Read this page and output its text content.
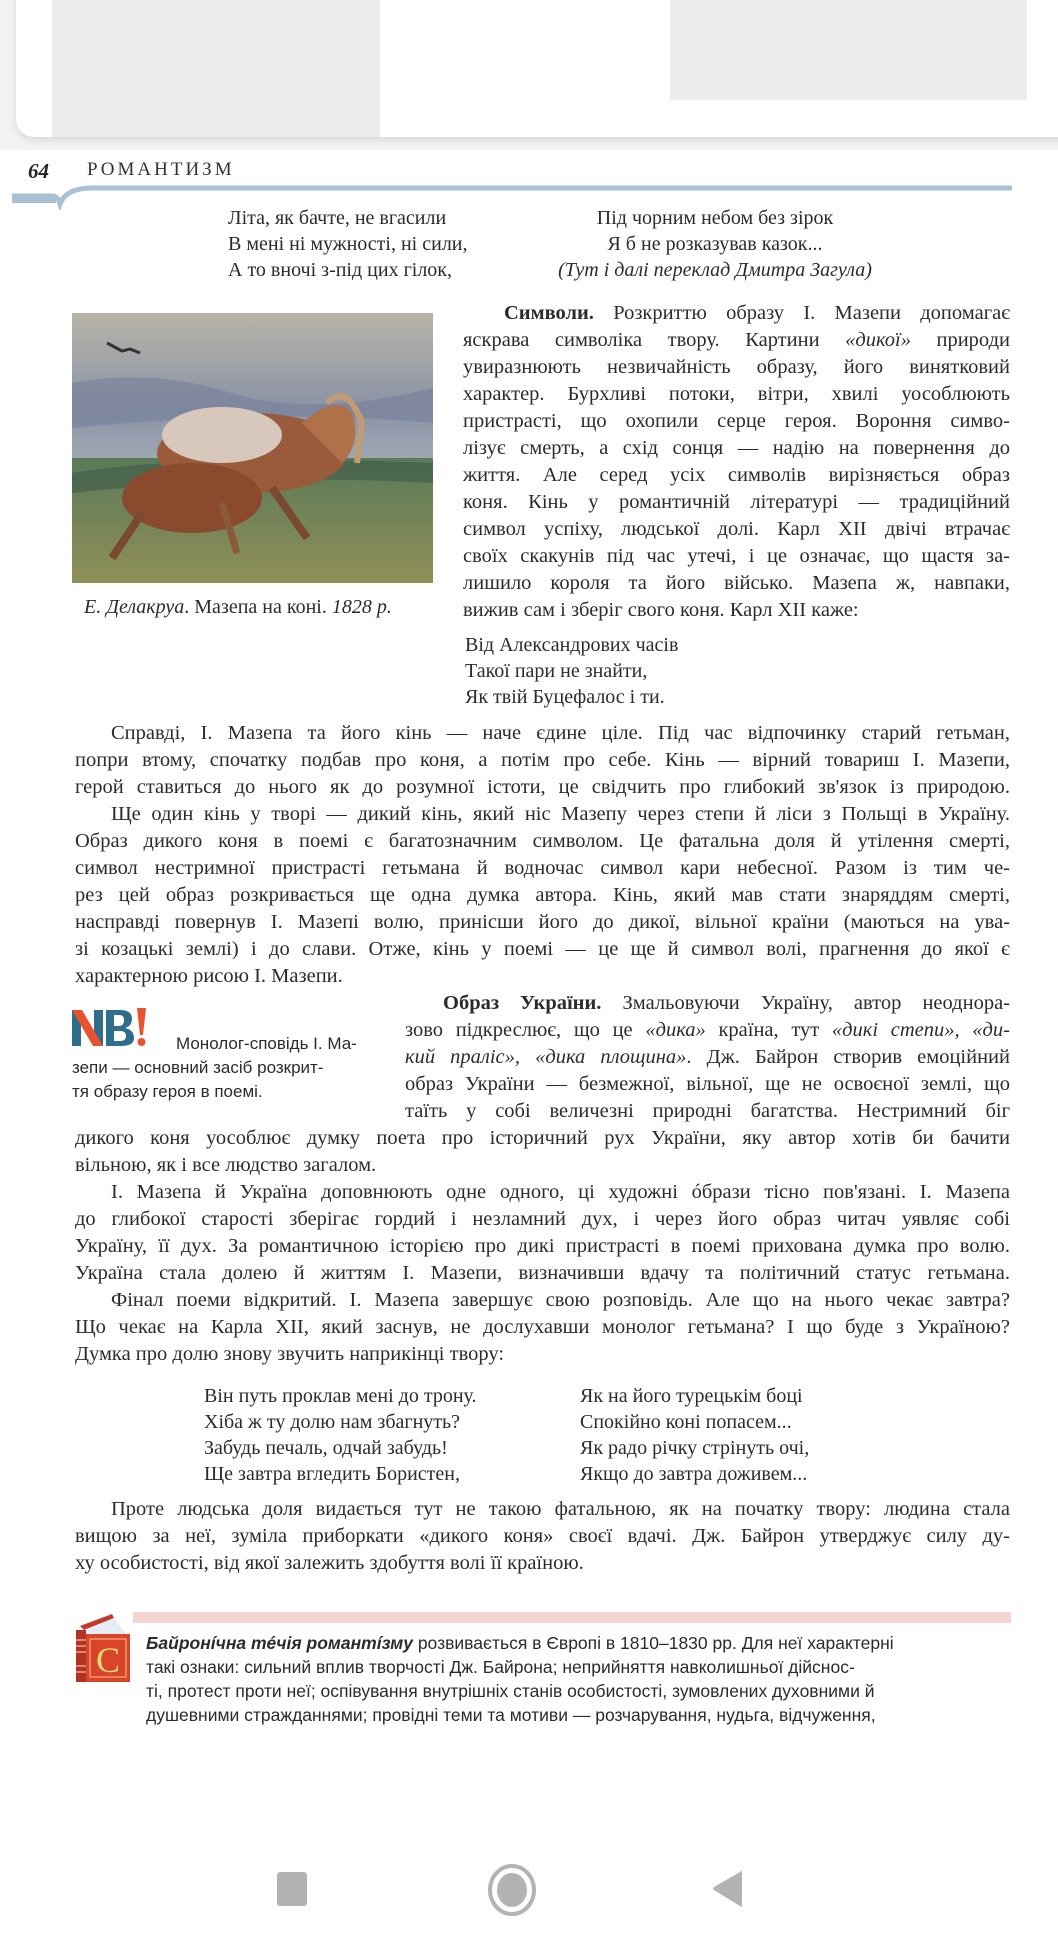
64 РОМАНТИЗМ
Літа, як бачте, не вгасили
В мені ні мужності, ні сили,
А то вночі з-під цих гілок,
Під чорним небом без зірок
Я б не розказував казок...
(Тут і далі переклад Дмитра Загула)
Е. Делакруа. Мазепа на коні. 1828 р.
Символи. Розкриттю образу І. Мазепи допомагає
яскрава символіка твору. Картини «дикої» природи
увиразнюють незвичайність образу, його винятковий
характер. Бурхливі потоки, вітри, хвилі уособлюють
пристрасті, що охопили серце героя. Вороння симво-
лізує смерть, а схід сонця — надію на повернення до
життя. Але серед усіх символів вирізняється образ
коня. Кінь у романтичній літературі — традиційний
символ успіху, людської долі. Карл XII двічі втрачає
своїх скакунів під час утечі, і це означає, що щастя за-
лишило короля та його військо. Мазепа ж, навпаки,
вижив сам і зберіг свого коня. Карл XII каже:
Від Александрових часів
Такої пари не знайти,
Як твій Буцефалос і ти.
Справді, І. Мазепа та його кінь — наче єдине ціле. Під час відпочинку старий гетьман,
попри втому, спочатку подбав про коня, а потім про себе. Кінь — вірний товариш І. Мазепи,
герой ставиться до нього як до розумної істоти, це свідчить про глибокий зв'язок із природою.
Ще один кінь у творі — дикий кінь, який ніс Мазепу через степи й ліси з Польщі в Україну.
Образ дикого коня в поемі є багатозначним символом. Це фатальна доля й утілення смерті,
символ нестримної пристрасті гетьмана й водночас символ кари небесної. Разом із тим че-
рез цей образ розкривається ще одна думка автора. Кінь, який мав стати знаряддям смерті,
насправді повернув І. Мазепі волю, принісши його до дикої, вільної країни (маються на ува-
зі козацькі землі) і до слави. Отже, кінь у поемі — це ще й символ волі, прагнення до якої є
характерною рисою І. Мазепи.
Монолог-сповідь І. Ма-
зепи — основний засіб розкрит-
тя образу героя в поемі.
Образ України. Змальовуючи Україну, автор неоднора-
зово підкреслює, що це «дика» країна, тут «дикі степи», «ди-
кий праліс», «дика площина». Дж. Байрон створив емоційний
образ України — безмежної, вільної, ще не освоєної землі, що
таїть у собі величезні природні багатства. Нестримний біг
дикого коня уособлює думку поета про історичний рух України, яку автор хотів би бачити
вільною, як і все людство загалом.
І. Мазепа й Україна доповнюють одне одного, ці художні óбрази тісно пов'язані. І. Мазепа
до глибокої старості зберігає гордий і незламний дух, і через його образ читач уявляє собі
Україну, її дух. За романтичною історією про дикі пристрасті в поемі прихована думка про волю.
Україна стала долею й життям І. Мазепи, визначивши вдачу та політичний статус гетьмана.
Фінал поеми відкритий. І. Мазепа завершує свою розповідь. Але що на нього чекає завтра?
Що чекає на Карла XII, який заснув, не дослухавши монолог гетьмана? І що буде з Україною?
Думка про долю знову звучить наприкінці твору:
Він путь проклав мені до трону.
Хіба ж ту долю нам збагнуть?
Забудь печаль, одчай забудь!
Ще завтра вгледить Бористен,
Як на його турецькім боці
Спокійно коні попасем...
Як радо річку стрінуть очі,
Якщо до завтра доживем...
Проте людська доля видається тут не такою фатальною, як на початку твору: людина стала
вищою за неї, зуміла приборкати «дикого коня» своєї вдачі. Дж. Байрон утверджує силу ду-
ху особистості, від якої залежить здобуття волі її країною.
С Байронíчна тéчія романтíзму розвивається в Європі в 1810–1830 рр. Для неї характерні
такі ознаки: сильний вплив творчості Дж. Байрона; неприйняття навколишньої дійснос-
ті, протест проти неї; оспівування внутрішніх станів особистості, зумовлених духовними й
душевними стражданнями; провідні теми та мотиви — розчарування, нудьга, відчуження,
